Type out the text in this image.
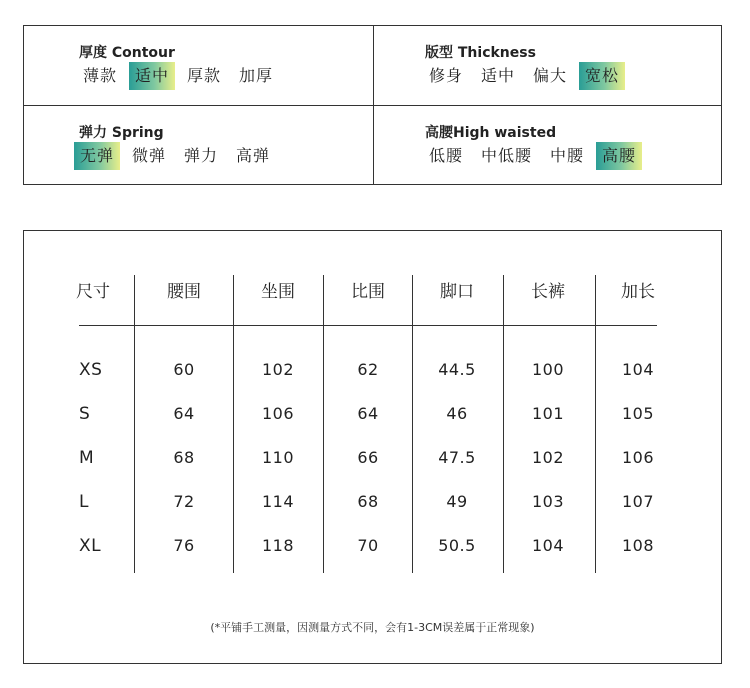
厚度 Contour
薄款	适中	厚款	加厚
版型 Thickness
修身	适中	偏大	宽松
弹力 Spring
无弹	微弹	弹力	高弹
高腰High waisted
低腰	中低腰	中腰	高腰
尺寸	腰围	坐围	比围	脚口	长裤	加长
XS	60	102	62	44.5	100	104
S	64	106	64	46	101	105
M	68	110	66	47.5	102	106
L	72	114	68	49	103	107
XL	76	118	70	50.5	104	108
(*平铺手工测量，因测量方式不同，会有1-3CM误差属于正常现象)
